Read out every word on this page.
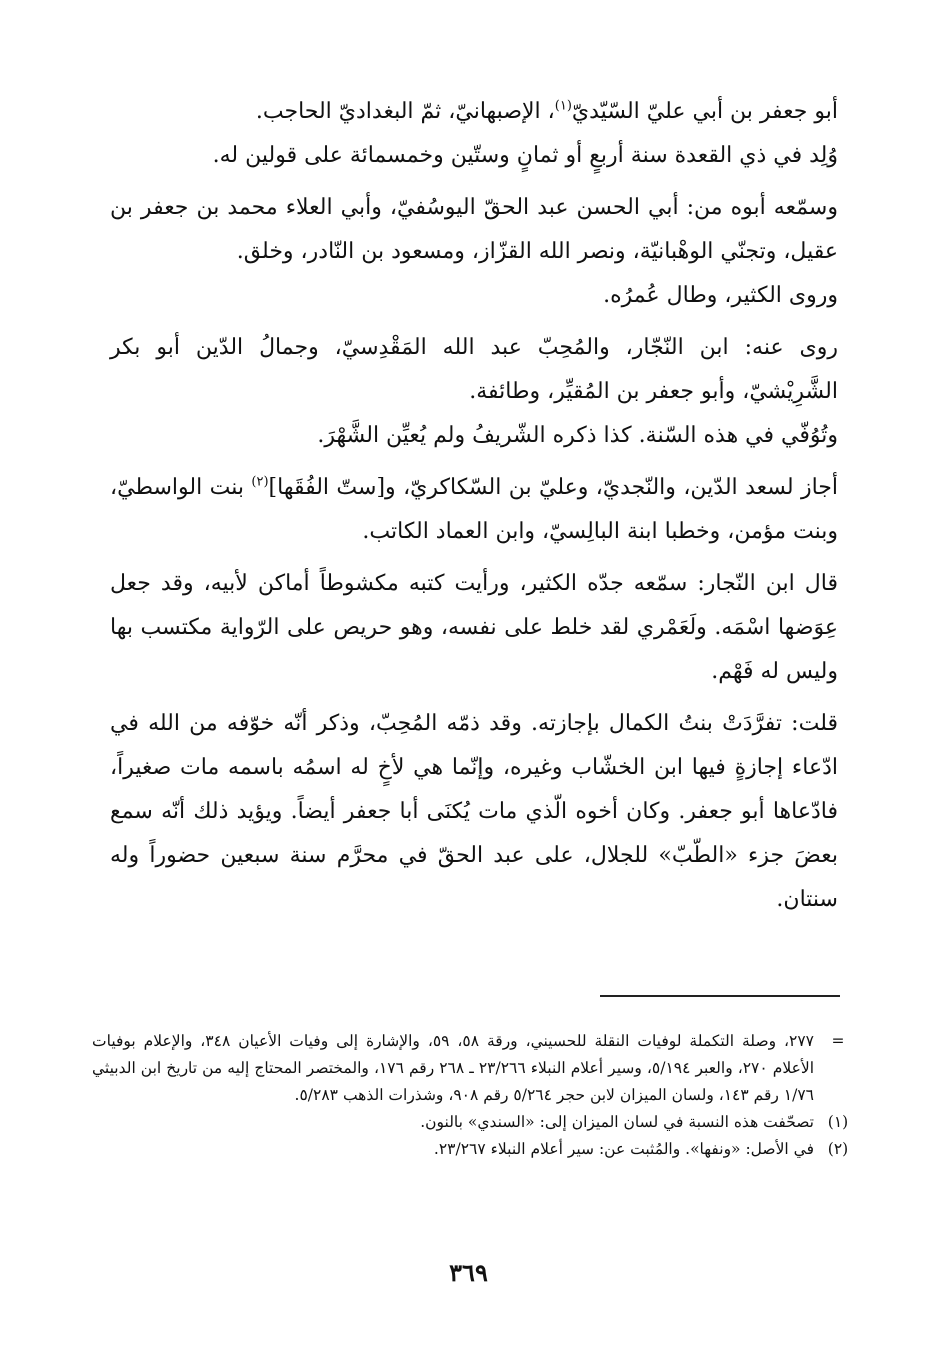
أبو جعفر بن أبي عليّ السّيّديّ$^{(١)}$، الإصبهانيّ، ثمّ البغداديّ الحاجب.

وُلِد في ذي القعدة سنة أربعٍ أو ثمانٍ وستّين وخمسمائة على قولين له.

وسمّعه أبوه من: أبي الحسن عبد الحقّ اليوسُفيّ، وأبي العلاء محمد بن جعفر بن عقيل، وتجنّي الوهْبانيّة، ونصر الله القزّاز، ومسعود بن النّادر، وخلق.

وروى الكثير، وطال عُمرُه.

روى عنه: ابن النّجّار، والمُحِبّ عبد الله المَقْدِسيّ، وجمالُ الدّين أبو بكر الشَّرِيْشيّ، وأبو جعفر بن المُقيِّر، وطائفة.

وتُوُفّي في هذه السّنة. كذا ذكره الشّريفُ ولم يُعيِّن الشَّهْرَ.

أجاز لسعد الدّين، والنّجديّ، وعليّ بن السّكاكريّ، و[ستّ الفُقَها]$^{(٢)}$ بنت الواسطيّ، وبنت مؤمن، وخطبا ابنة البالِسيّ، وابن العماد الكاتب.

قال ابن النّجار: سمّعه جدّه الكثير، ورأيت كتبه مكشوطاً أماكن لأبيه، وقد جعل عِوَضها اسْمَه. ولَعَمْري لقد خلط على نفسه، وهو حريص على الرّواية مكتسب بها وليس له فَهْم.

قلت: تفرَّدَتْ بنتُ الكمال بإجازته. وقد ذمّه المُحِبّ، وذكر أنّه خوّفه من الله في ادّعاء إجازةٍ فيها ابن الخشّاب وغيره، وإنّما هي لأخٍ له اسمُه باسمه مات صغيراً، فادّعاها أبو جعفر. وكان أخوه الّذي مات يُكنَى أبا جعفر أيضاً. ويؤيد ذلك أنّه سمع بعضَ جزء «الطّبّ» للجلال، على عبد الحقّ في محرَّم سنة سبعين حضوراً وله سنتان.

=
٢٧٧، وصلة التكملة لوفيات النقلة للحسيني، ورقة ٥٨، ٥٩، والإشارة إلى وفيات الأعيان ٣٤٨، والإعلام بوفيات الأعلام ٢٧٠، والعبر ٥/١٩٤، وسير أعلام النبلاء ٢٣/٢٦٦ ـ ٢٦٨ رقم ١٧٦، والمختصر المحتاج إليه من تاريخ ابن الدبيثي ١/٧٦ رقم ١٤٣، ولسان الميزان لابن حجر ٥/٢٦٤ رقم ٩٠٨، وشذرات الذهب ٥/٢٨٣.
(١)
تصحّفت هذه النسبة في لسان الميزان إلى: «السندي» بالنون.
(٢)
في الأصل: «ونفها». والمُثبت عن: سير أعلام النبلاء ٢٣/٢٦٧.
٣٦٩
